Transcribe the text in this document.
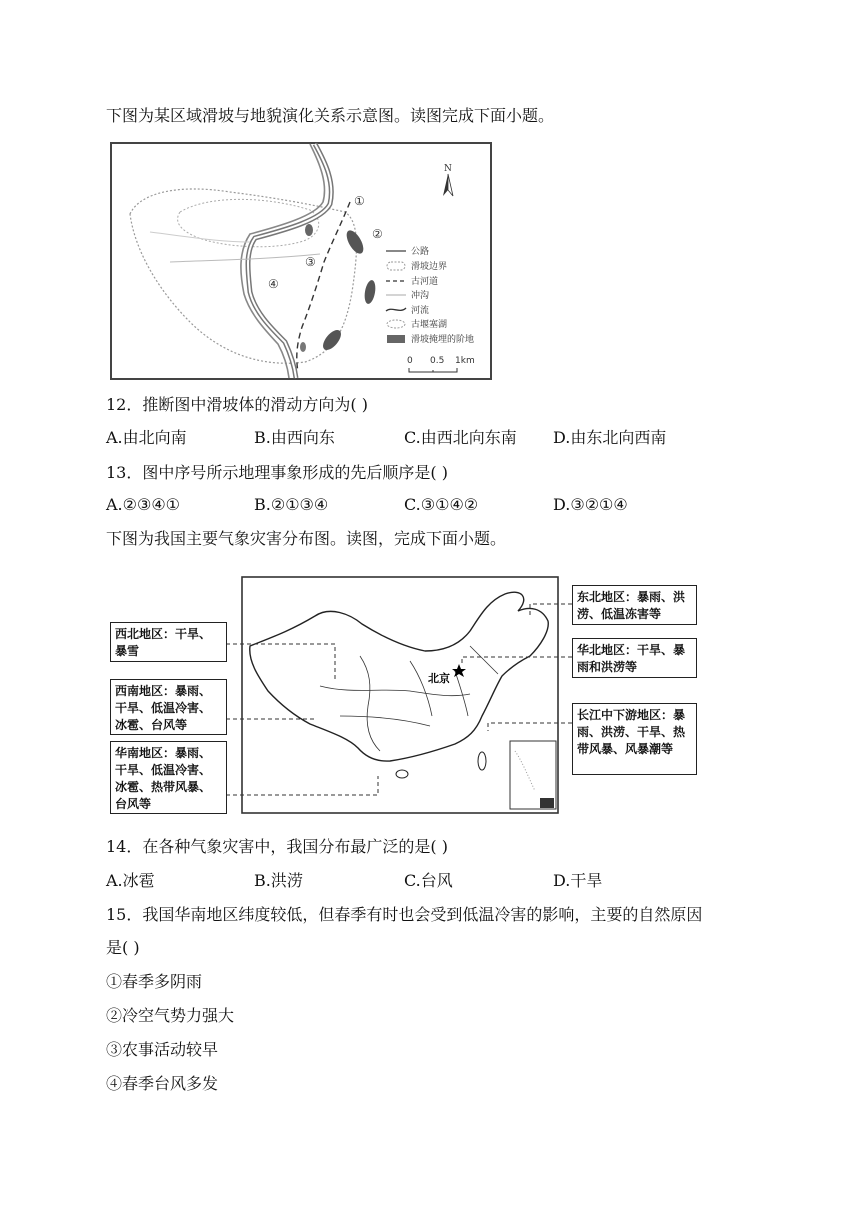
下图为某区域滑坡与地貌演化关系示意图。读图完成下面小题。
①
②
③
④
N
公路
滑坡边界
古河道
冲沟
河流
古堰塞湖
滑坡掩埋的阶地
0 0.5 1km
12．推断图中滑坡体的滑动方向为( )
A.由北向南	B.由西向东	C.由西北向东南 D.由东北向西南
13．图中序号所示地理事象形成的先后顺序是( )
A.②③④①	B.②①③④	C.③①④②	D.③②①④
下图为我国主要气象灾害分布图。读图，完成下面小题。
北京
西北地区：干旱、暴雪
西南地区：暴雨、干旱、低温冷害、冰雹、台风等
华南地区：暴雨、干旱、低温冷害、冰雹、热带风暴、台风等
东北地区：暴雨、洪涝、低温冻害等
华北地区：干旱、暴雨和洪涝等
长江中下游地区：暴雨、洪涝、干旱、热带风暴、风暴潮等
14．在各种气象灾害中，我国分布最广泛的是( )
A.冰雹	B.洪涝	C.台风	D.干旱
15．我国华南地区纬度较低，但春季有时也会受到低温冷害的影响，主要的自然原因
是( )
①春季多阴雨
②冷空气势力强大
③农事活动较早
④春季台风多发
